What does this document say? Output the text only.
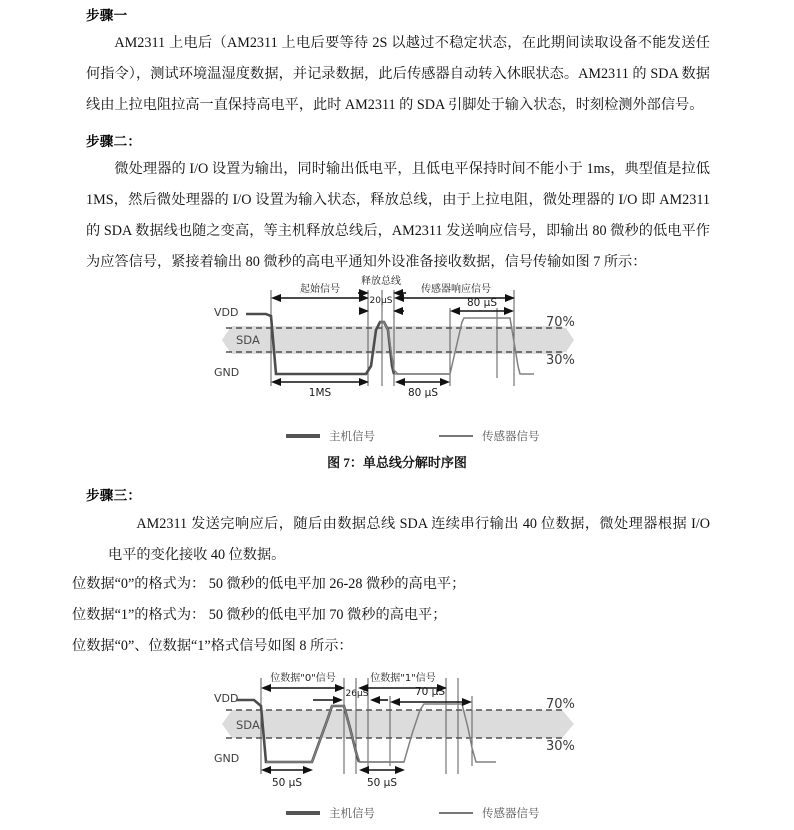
步骤一

AM2311 上电后（AM2311 上电后要等待 2S 以越过不稳定状态，在此期间读取设备不能发送任何指令），测试环境温湿度数据，并记录数据，此后传感器自动转入休眠状态。AM2311 的 SDA 数据线由上拉电阻拉高一直保持高电平，此时 AM2311 的 SDA 引脚处于输入状态，时刻检测外部信号。

步骤二：

微处理器的 I/O 设置为输出，同时输出低电平，且低电平保持时间不能小于 1ms，典型值是拉低 1MS，然后微处理器的 I/O 设置为输入状态，释放总线，由于上拉电阻，微处理器的 I/O 即 AM2311 的 SDA 数据线也随之变高，等主机释放总线后，AM2311 发送响应信号，即输出 80 微秒的低电平作为应答信号，紧接着输出 80 微秒的高电平通知外设准备接收数据，信号传输如图 7 所示：

70%
30%
VDD
GND
SDA
起始信号
释放总线
20μS
传感器响应信号
80 μS
1MS	80 μS
主机信号	传感器信号
图 7：单总线分解时序图
步骤三：

AM2311 发送完响应后，随后由数据总线 SDA 连续串行输出 40 位数据，微处理器根据 I/O 电平的变化接收 40 位数据。

位数据“0”的格式为： 50 微秒的低电平加 26-28 微秒的高电平；
位数据“1”的格式为： 50 微秒的低电平加 70 微秒的高电平；
位数据“0”、位数据“1”格式信号如图 8 所示：
70%
30%
VDD
GND
SDA
位数据"0"信号	位数据"1"信号
26μS	70 μS
50 μS	50 μS
主机信号	传感器信号
